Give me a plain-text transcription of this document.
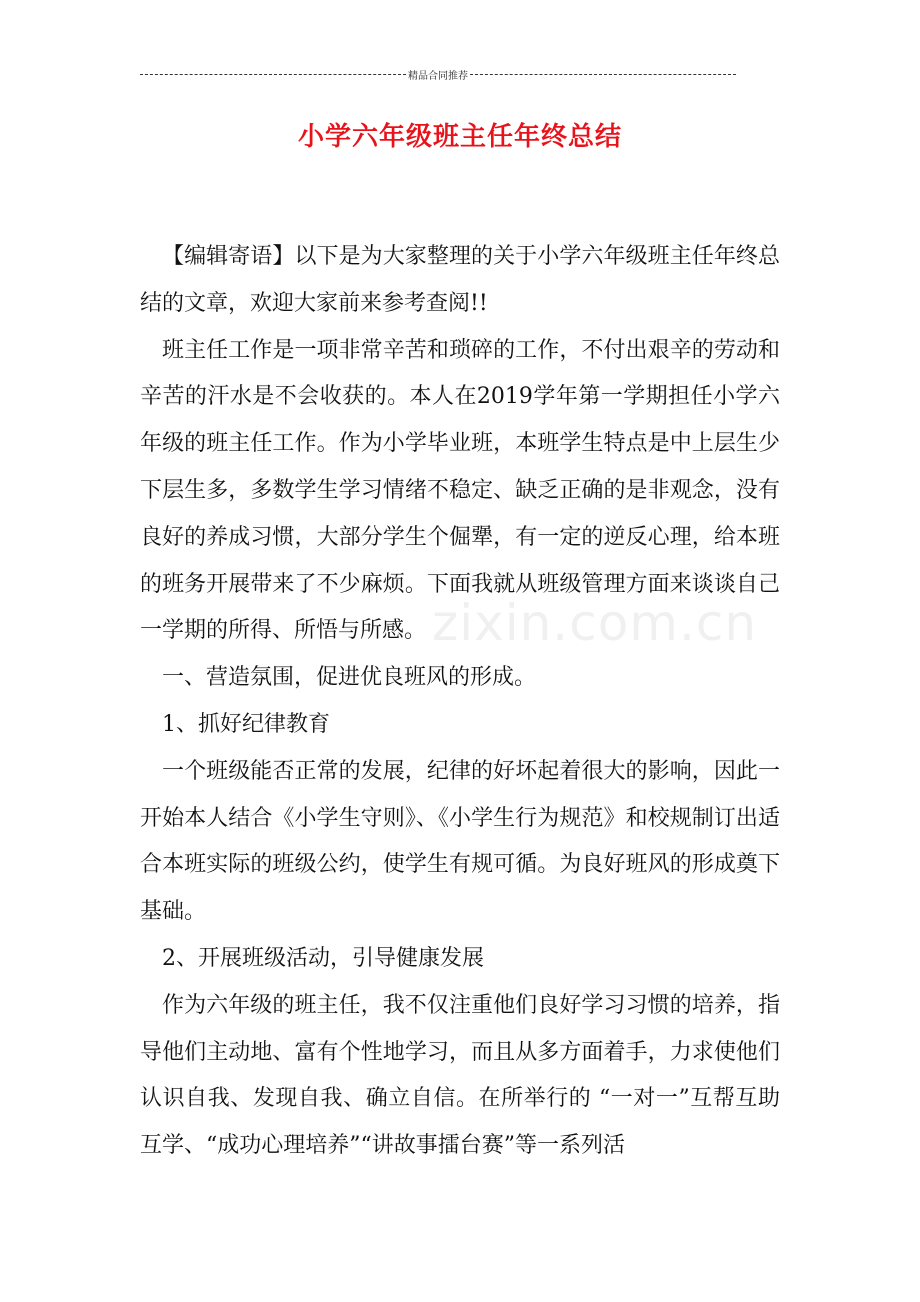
精品合同推荐
小学六年级班主任年终总结

【编辑寄语】以下是为大家整理的关于小学六年级班主任年终总结的文章，欢迎大家前来参考查阅!!

班主任工作是一项非常辛苦和琐碎的工作，不付出艰辛的劳动和辛苦的汗水是不会收获的。本人在2019学年第一学期担任小学六年级的班主任工作。作为小学毕业班，本班学生特点是中上层生少下层生多，多数学生学习情绪不稳定、缺乏正确的是非观念，没有良好的养成习惯，大部分学生个倔犟，有一定的逆反心理，给本班的班务开展带来了不少麻烦。下面我就从班级管理方面来谈谈自己一学期的所得、所悟与所感。

一、营造氛围，促进优良班风的形成。

1、抓好纪律教育

一个班级能否正常的发展，纪律的好坏起着很大的影响，因此一开始本人结合《小学生守则》、《小学生行为规范》和校规制订出适合本班实际的班级公约，使学生有规可循。为良好班风的形成奠下基础。

2、开展班级活动，引导健康发展

作为六年级的班主任，我不仅注重他们良好学习习惯的培养，指导他们主动地、富有个性地学习，而且从多方面着手，力求使他们认识自我、发现自我、确立自信。在所举行的 “一对一”互帮互助互学、“成功心理培养”“讲故事擂台赛”等一系列活

zixin.com.cn
